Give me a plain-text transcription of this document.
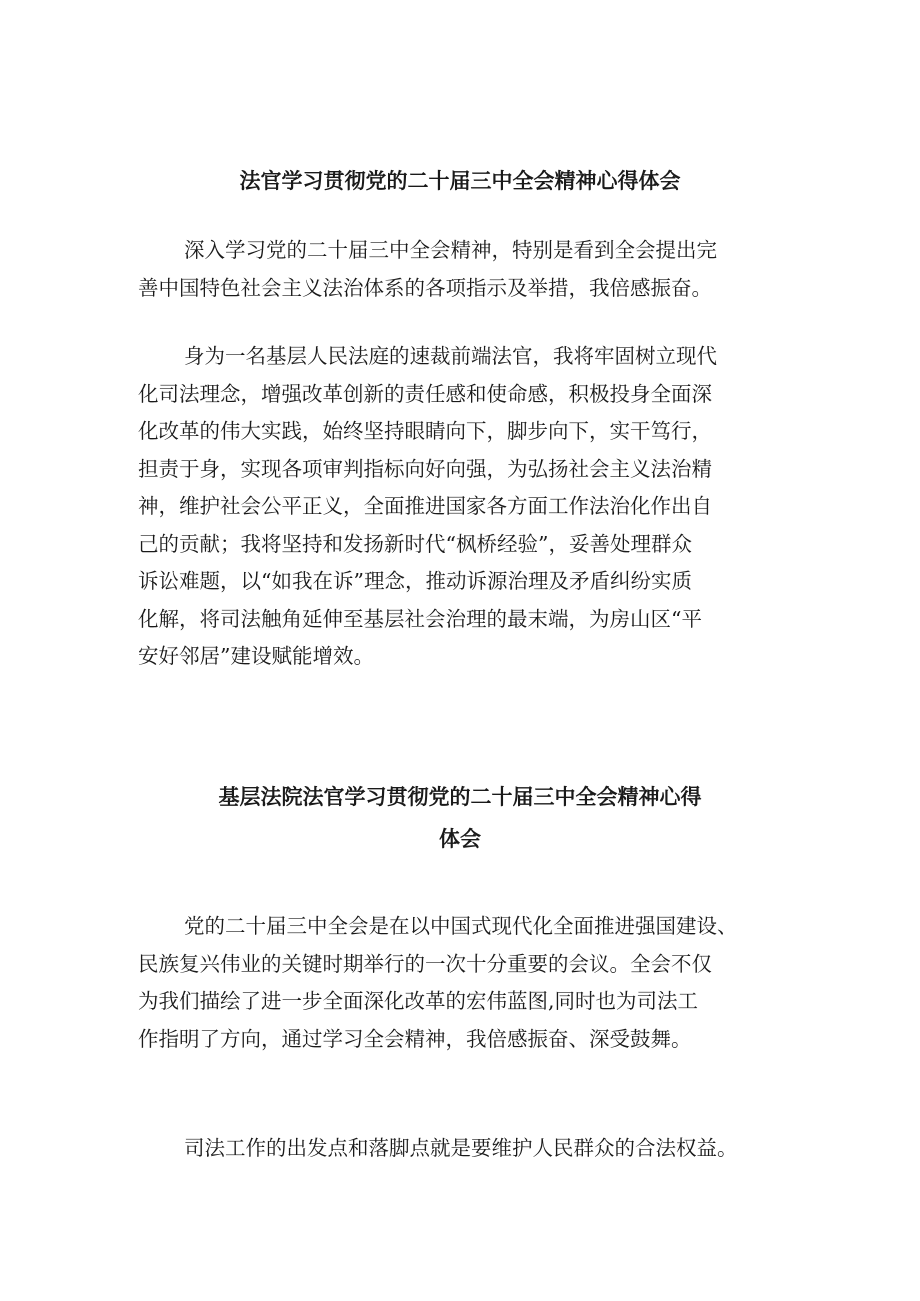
法官学习贯彻党的二十届三中全会精神心得体会

深入学习党的二十届三中全会精神，特别是看到全会提出完
善中国特色社会主义法治体系的各项指示及举措，我倍感振奋。

身为一名基层人民法庭的速裁前端法官，我将牢固树立现代
化司法理念，增强改革创新的责任感和使命感，积极投身全面深
化改革的伟大实践，始终坚持眼睛向下，脚步向下，实干笃行，
担责于身，实现各项审判指标向好向强，为弘扬社会主义法治精
神，维护社会公平正义，全面推进国家各方面工作法治化作出自
己的贡献；我将坚持和发扬新时代“枫桥经验”，妥善处理群众
诉讼难题，以“如我在诉”理念，推动诉源治理及矛盾纠纷实质
化解，将司法触角延伸至基层社会治理的最末端，为房山区“平
安好邻居”建设赋能增效。

基层法院法官学习贯彻党的二十届三中全会精神心得
体会

党的二十届三中全会是在以中国式现代化全面推进强国建设、
民族复兴伟业的关键时期举行的一次十分重要的会议。全会不仅
为我们描绘了进一步全面深化改革的宏伟蓝图,同时也为司法工
作指明了方向，通过学习全会精神，我倍感振奋、深受鼓舞。

司法工作的出发点和落脚点就是要维护人民群众的合法权益。
